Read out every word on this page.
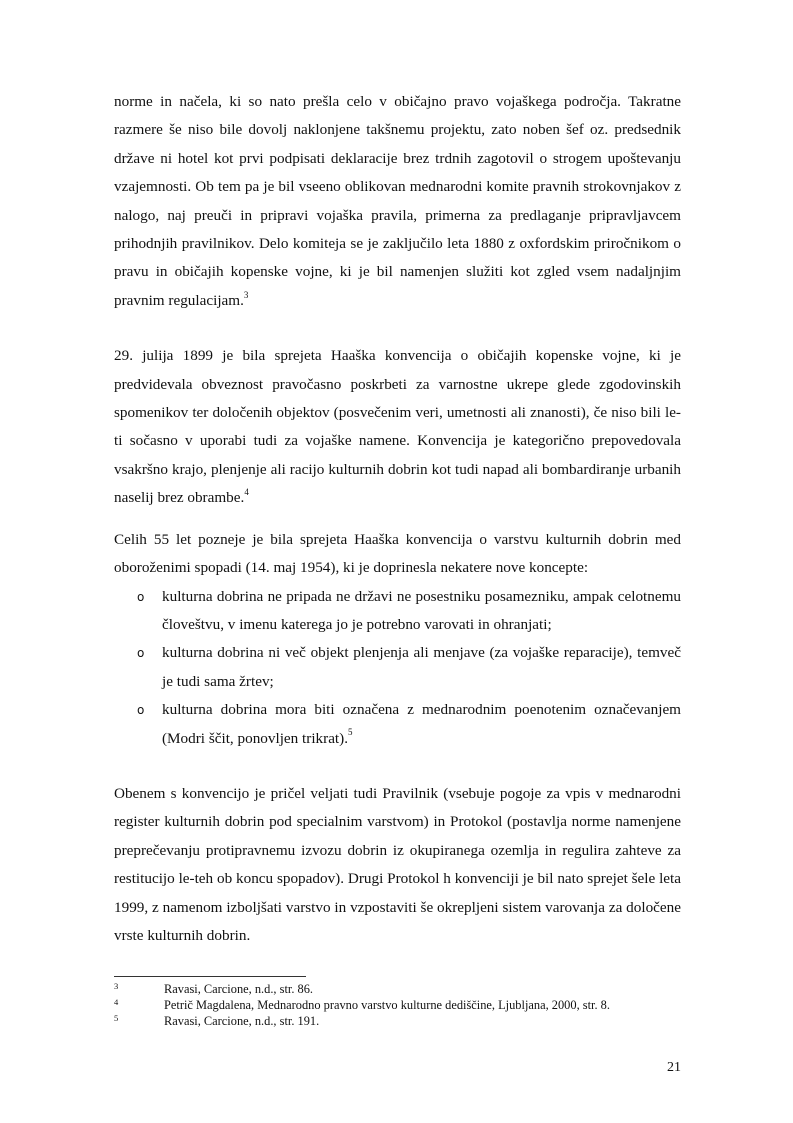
norme in načela, ki so nato prešla celo v običajno pravo vojaškega področja. Takratne razmere še niso bile dovolj naklonjene takšnemu projektu, zato noben šef oz. predsednik države ni hotel kot prvi podpisati deklaracije brez trdnih zagotovil o strogem upoštevanju vzajemnosti. Ob tem pa je bil vseeno oblikovan mednarodni komite pravnih strokovnjakov z nalogo, naj preuči in pripravi vojaška pravila, primerna za predlaganje pripravljavcem prihodnjih pravilnikov. Delo komiteja se je zaključilo leta 1880 z oxfordskim priročnikom o pravu in običajih kopenske vojne, ki je bil namenjen služiti kot zgled vsem nadaljnjim pravnim regulacijam.$^3$

29. julija 1899 je bila sprejeta Haaška konvencija o običajih kopenske vojne, ki je predvidevala obveznost pravočasno poskrbeti za varnostne ukrepe glede zgodovinskih spomenikov ter določenih objektov (posvečenim veri, umetnosti ali znanosti), če niso bili le-ti sočasno v uporabi tudi za vojaške namene. Konvencija je kategorično prepovedovala vsakršno krajo, plenjenje ali racijo kulturnih dobrin kot tudi napad ali bombardiranje urbanih naselij brez obrambe.$^4$

Celih 55 let pozneje je bila sprejeta Haaška konvencija o varstvu kulturnih dobrin med oboroženimi spopadi (14. maj 1954), ki je doprinesla nekatere nove koncepte:

o kulturna dobrina ne pripada ne državi ne posestniku posamezniku, ampak celotnemu človeštvu, v imenu katerega jo je potrebno varovati in ohranjati;
o kulturna dobrina ni več objekt plenjenja ali menjave (za vojaške reparacije), temveč je tudi sama žrtev;
o kulturna dobrina mora biti označena z mednarodnim poenotenim označevanjem (Modri ščit, ponovljen trikrat).$^5$

Obenem s konvencijo je pričel veljati tudi Pravilnik (vsebuje pogoje za vpis v mednarodni register kulturnih dobrin pod specialnim varstvom) in Protokol (postavlja norme namenjene preprečevanju protipravnemu izvozu dobrin iz okupiranega ozemlja in regulira zahteve za restitucijo le-teh ob koncu spopadov). Drugi Protokol h konvenciji je bil nato sprejet šele leta 1999, z namenom izboljšati varstvo in vzpostaviti še okrepljeni sistem varovanja za določene vrste kulturnih dobrin.

3	Ravasi, Carcione, n.d., str. 86.
4	Petrič Magdalena, Mednarodno pravno varstvo kulturne dediščine, Ljubljana, 2000, str. 8.
5	Ravasi, Carcione, n.d., str. 191.
21
